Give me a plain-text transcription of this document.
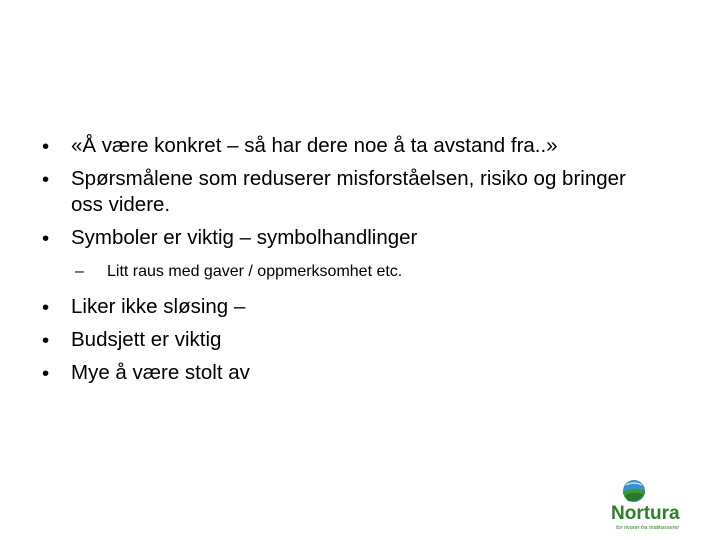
•	«Å være konkret – så har dere noe å ta avstand fra..»
•	Spørsmålene som reduserer misforståelsen, risiko og bringer oss videre.
•	Symboler er viktig – symbolhandlinger
– Litt raus med gaver / oppmerksomhet etc.
•	Liker ikke sløsing –
•	Budsjett er viktig
•	Mye å være stolt av
Nortura
for rivarer fra matkasserer
